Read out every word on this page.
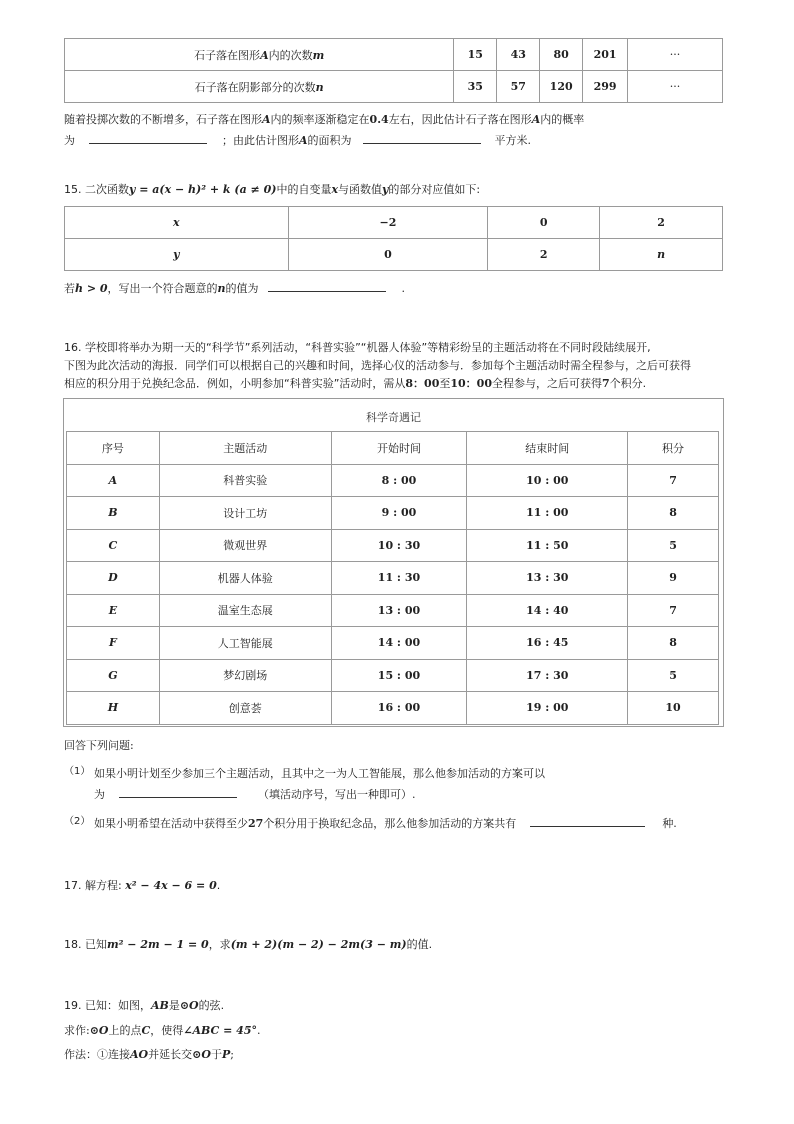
石子落在图形A内的次数m	15	43	80	201	···
石子落在阴影部分的次数n	35	57	120	299	···
随着投掷次数的不断增多，石子落在图形A内的频率逐渐稳定在0.4左右，因此估计石子落在图形A内的概率
为	；由此估计图形A的面积为	平方米.
15. 二次函数y = a(x − h)² + k (a ≠ 0)中的自变量x与函数值y的部分对应值如下:
x	−2	0	2
y	0	2	n
若h > 0，写出一个符合题意的n的值为	.
16. 学校即将举办为期一天的“科学节”系列活动，“科普实验”“机器人体验”等精彩纷呈的主题活动将在不同时段陆续展开,
下图为此次活动的海报．同学们可以根据自己的兴趣和时间，选择心仪的活动参与．参加每个主题活动时需全程参与，之后可获得
相应的积分用于兑换纪念品．例如，小明参加“科普实验”活动时，需从8：00至10：00全程参与，之后可获得7个积分.
科学奇遇记
序号	主题活动	开始时间	结束时间	积分
A	科普实验	8 : 00	10 : 00	7
B	设计工坊	9 : 00	11 : 00	8
C	微观世界	10 : 30	11 : 50	5
D	机器人体验	11 : 30	13 : 30	9
E	温室生态展	13 : 00	14 : 40	7
F	人工智能展	14 : 00	16 : 45	8
G	梦幻剧场	15 : 00	17 : 30	5
H	创意荟	16 : 00	19 : 00	10
回答下列问题:
（1） 如果小明计划至少参加三个主题活动，且其中之一为人工智能展，那么他参加活动的方案可以
为	（填活动序号，写出一种即可）.
（2） 如果小明希望在活动中获得至少27个积分用于换取纪念品，那么他参加活动的方案共有	种.
17. 解方程: x² − 4x − 6 = 0.
18. 已知m² − 2m − 1 = 0，求(m + 2)(m − 2) − 2m(3 − m)的值.
19. 已知：如图，AB是⊙O的弦.
求作:⊙O上的点C，使得∠ABC = 45°.
作法：①连接AO并延长交⊙O于P;
